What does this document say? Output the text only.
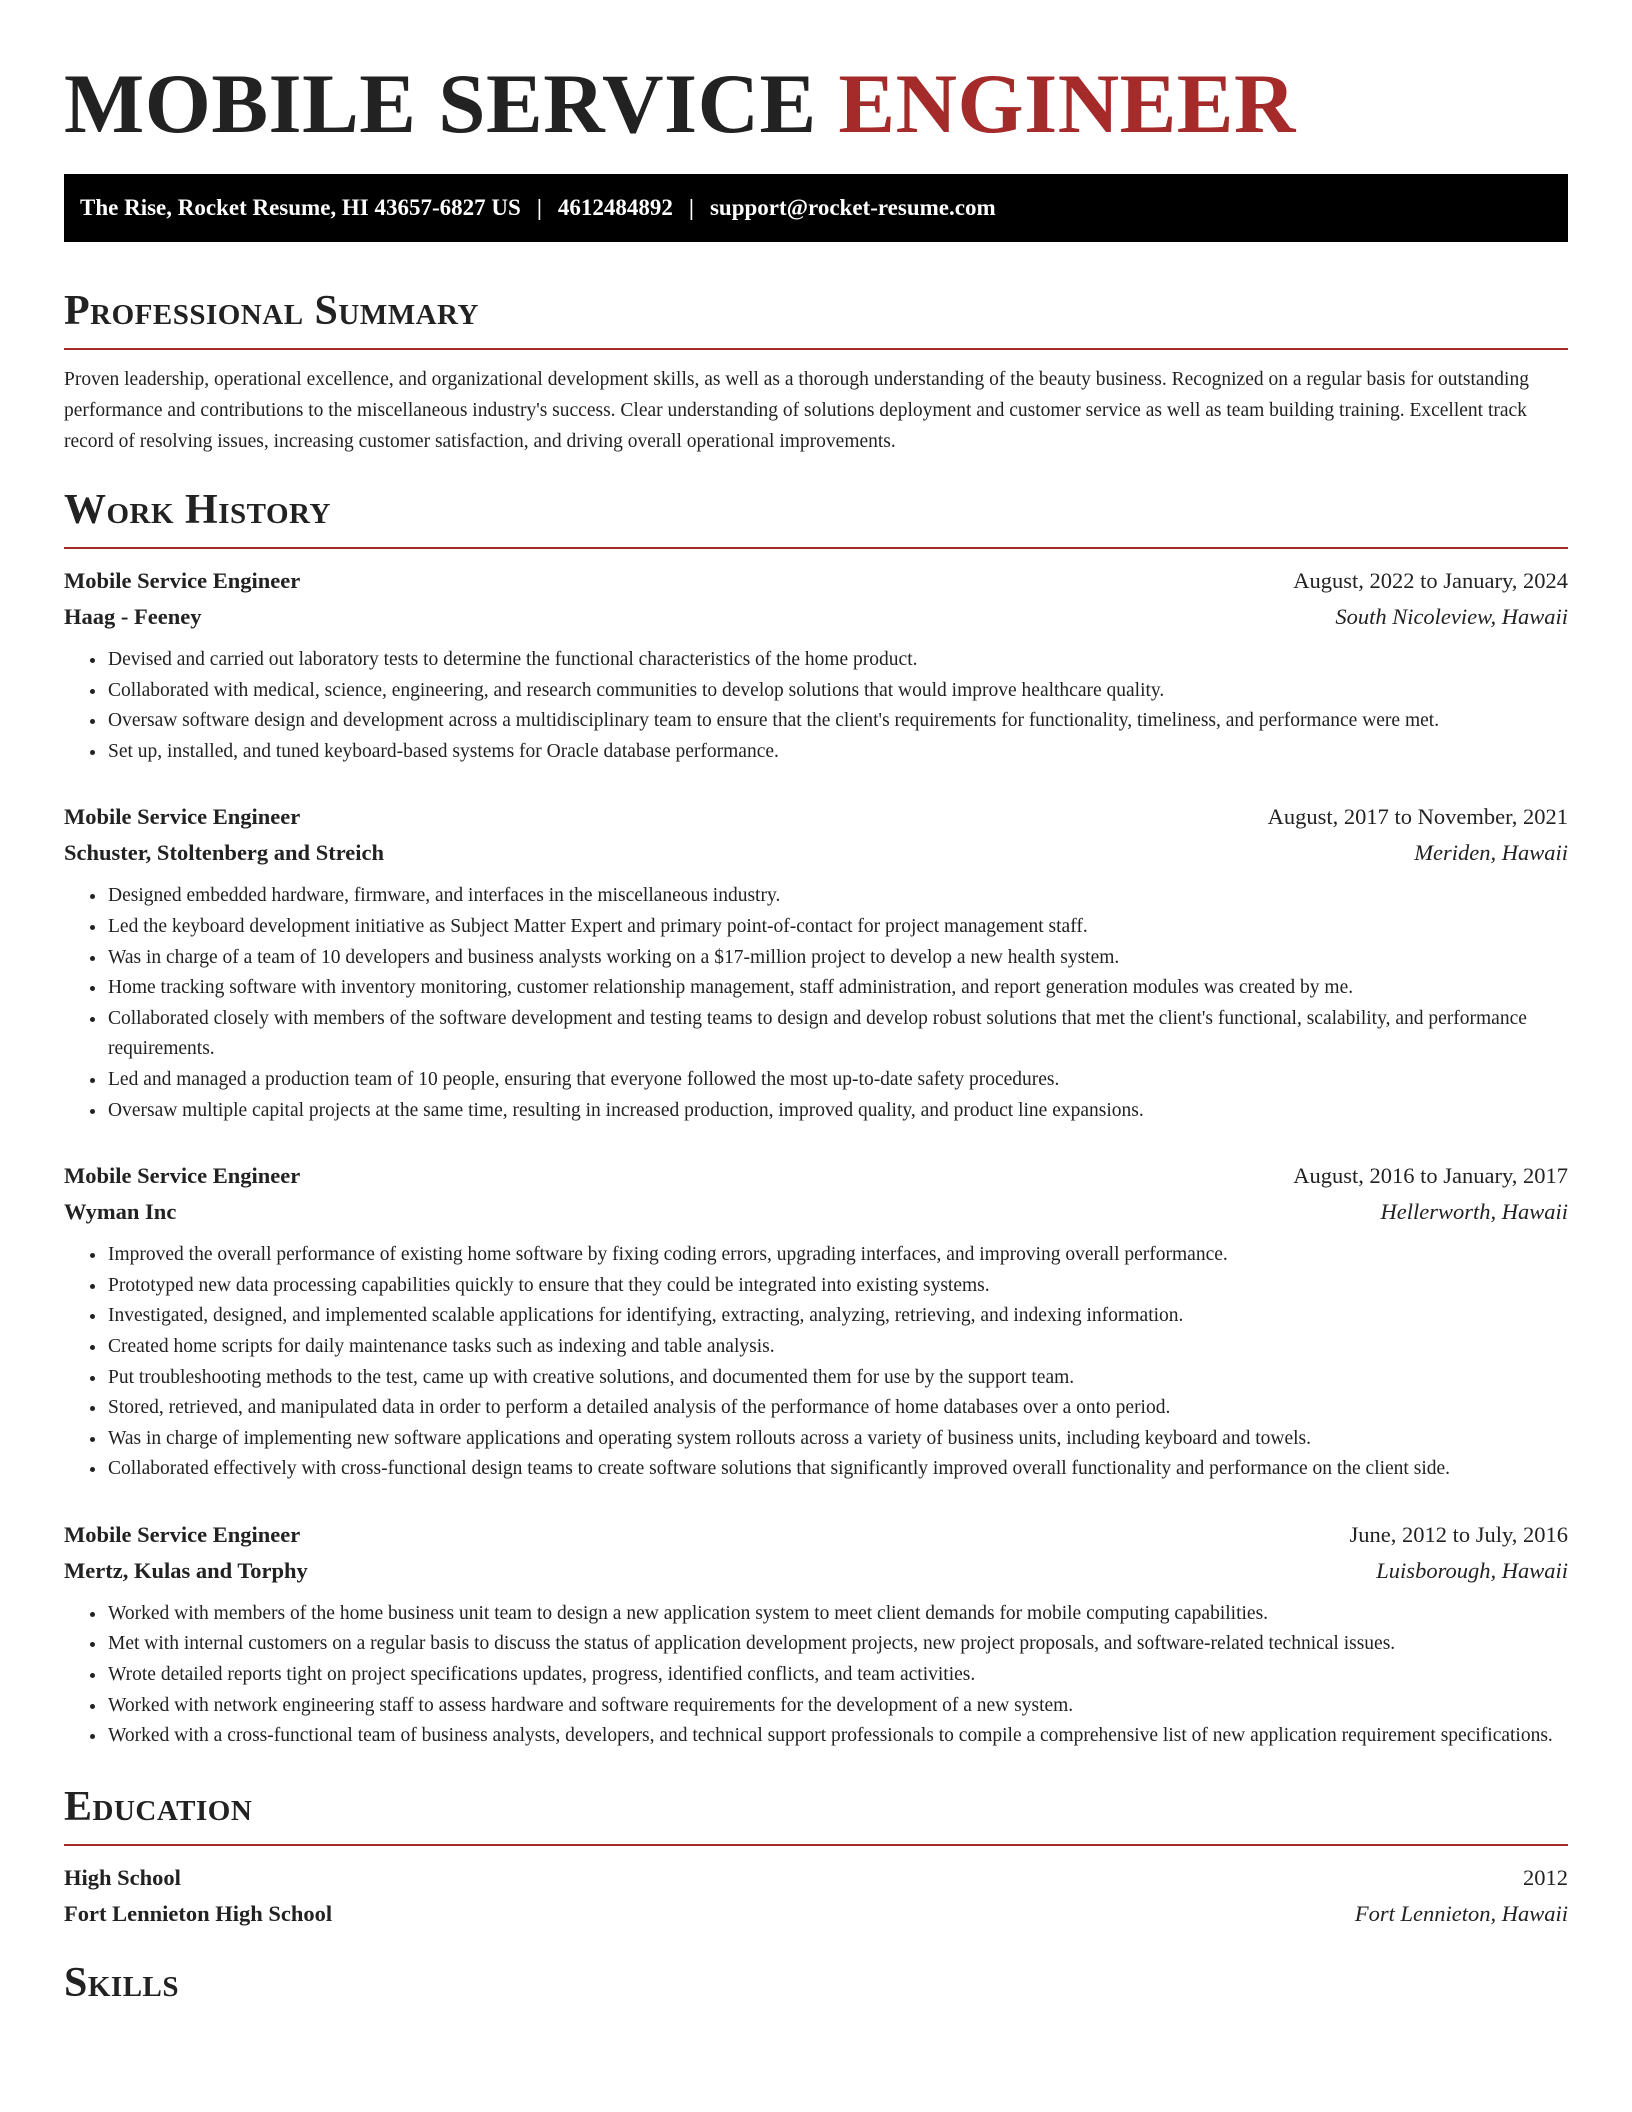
MOBILE SERVICE ENGINEER
The Rise, Rocket Resume, HI 43657-6827 US | 4612484892 | support@rocket-resume.com
Professional Summary

Proven leadership, operational excellence, and organizational development skills, as well as a thorough understanding of the beauty business. Recognized on a regular basis for outstanding performance and contributions to the miscellaneous industry's success. Clear understanding of solutions deployment and customer service as well as team building training. Excellent track record of resolving issues, increasing customer satisfaction, and driving overall operational improvements.

Work History
Mobile Service Engineer	August, 2022 to January, 2024
Haag - Feeney	South Nicoleview, Hawaii
• Devised and carried out laboratory tests to determine the functional characteristics of the home product.
• Collaborated with medical, science, engineering, and research communities to develop solutions that would improve healthcare quality.
• Oversaw software design and development across a multidisciplinary team to ensure that the client's requirements for functionality, timeliness, and performance were met.
• Set up, installed, and tuned keyboard-based systems for Oracle database performance.
Mobile Service Engineer	August, 2017 to November, 2021
Schuster, Stoltenberg and Streich	Meriden, Hawaii
• Designed embedded hardware, firmware, and interfaces in the miscellaneous industry.
• Led the keyboard development initiative as Subject Matter Expert and primary point-of-contact for project management staff.
• Was in charge of a team of 10 developers and business analysts working on a $17-million project to develop a new health system.
• Home tracking software with inventory monitoring, customer relationship management, staff administration, and report generation modules was created by me.
• Collaborated closely with members of the software development and testing teams to design and develop robust solutions that met the client's functional, scalability, and performance requirements.
• Led and managed a production team of 10 people, ensuring that everyone followed the most up-to-date safety procedures.
• Oversaw multiple capital projects at the same time, resulting in increased production, improved quality, and product line expansions.
Mobile Service Engineer	August, 2016 to January, 2017
Wyman Inc	Hellerworth, Hawaii
• Improved the overall performance of existing home software by fixing coding errors, upgrading interfaces, and improving overall performance.
• Prototyped new data processing capabilities quickly to ensure that they could be integrated into existing systems.
• Investigated, designed, and implemented scalable applications for identifying, extracting, analyzing, retrieving, and indexing information.
• Created home scripts for daily maintenance tasks such as indexing and table analysis.
• Put troubleshooting methods to the test, came up with creative solutions, and documented them for use by the support team.
• Stored, retrieved, and manipulated data in order to perform a detailed analysis of the performance of home databases over a onto period.
• Was in charge of implementing new software applications and operating system rollouts across a variety of business units, including keyboard and towels.
• Collaborated effectively with cross-functional design teams to create software solutions that significantly improved overall functionality and performance on the client side.
Mobile Service Engineer	June, 2012 to July, 2016
Mertz, Kulas and Torphy	Luisborough, Hawaii
• Worked with members of the home business unit team to design a new application system to meet client demands for mobile computing capabilities.
• Met with internal customers on a regular basis to discuss the status of application development projects, new project proposals, and software-related technical issues.
• Wrote detailed reports tight on project specifications updates, progress, identified conflicts, and team activities.
• Worked with network engineering staff to assess hardware and software requirements for the development of a new system.
• Worked with a cross-functional team of business analysts, developers, and technical support professionals to compile a comprehensive list of new application requirement specifications.
Education
High School	2012
Fort Lennieton High School	Fort Lennieton, Hawaii
Skills
